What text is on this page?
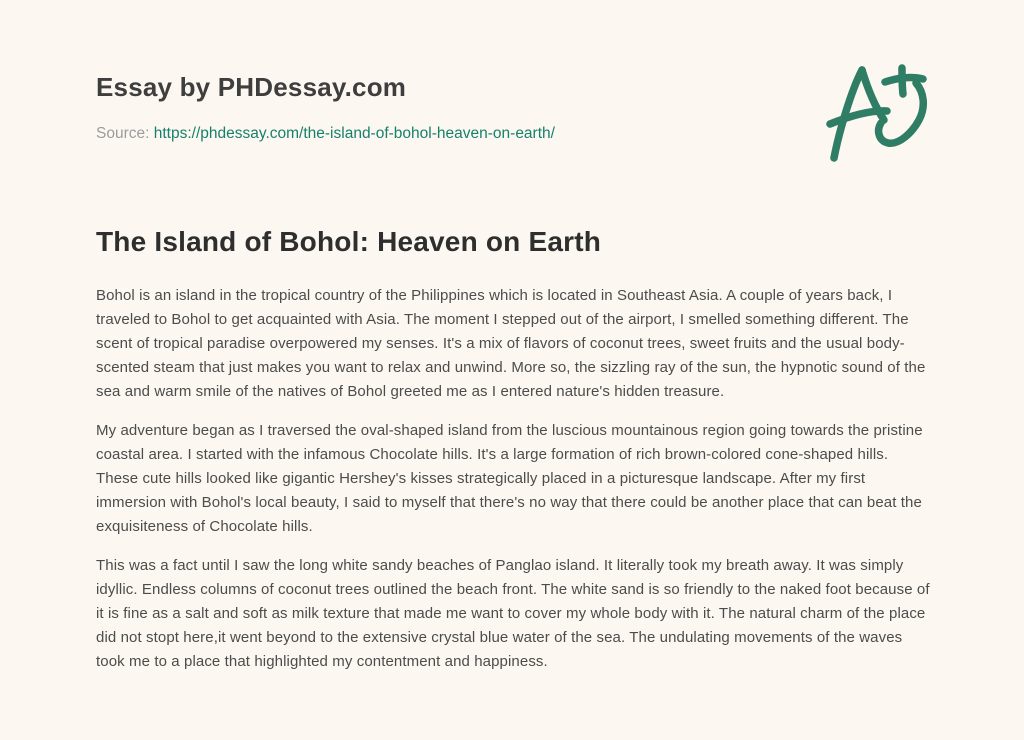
Essay by PHDessay.com
Source: https://phdessay.com/the-island-of-bohol-heaven-on-earth/
The Island of Bohol: Heaven on Earth

Bohol is an island in the tropical country of the Philippines which is located in Southeast Asia. A couple of years back, I traveled to Bohol to get acquainted with Asia. The moment I stepped out of the airport, I smelled something different. The scent of tropical paradise overpowered my senses. It's a mix of flavors of coconut trees, sweet fruits and the usual body-scented steam that just makes you want to relax and unwind. More so, the sizzling ray of the sun, the hypnotic sound of the sea and warm smile of the natives of Bohol greeted me as I entered nature's hidden treasure.

My adventure began as I traversed the oval-shaped island from the luscious mountainous region going towards the pristine coastal area. I started with the infamous Chocolate hills. It's a large formation of rich brown-colored cone-shaped hills. These cute hills looked like gigantic Hershey's kisses strategically placed in a picturesque landscape. After my first immersion with Bohol's local beauty, I said to myself that there's no way that there could be another place that can beat the exquisiteness of Chocolate hills.

This was a fact until I saw the long white sandy beaches of Panglao island. It literally took my breath away. It was simply idyllic. Endless columns of coconut trees outlined the beach front. The white sand is so friendly to the naked foot because of it is fine as a salt and soft as milk texture that made me want to cover my whole body with it. The natural charm of the place did not stopt here,it went beyond to the extensive crystal blue water of the sea. The undulating movements of the waves took me to a place that highlighted my contentment and happiness.
